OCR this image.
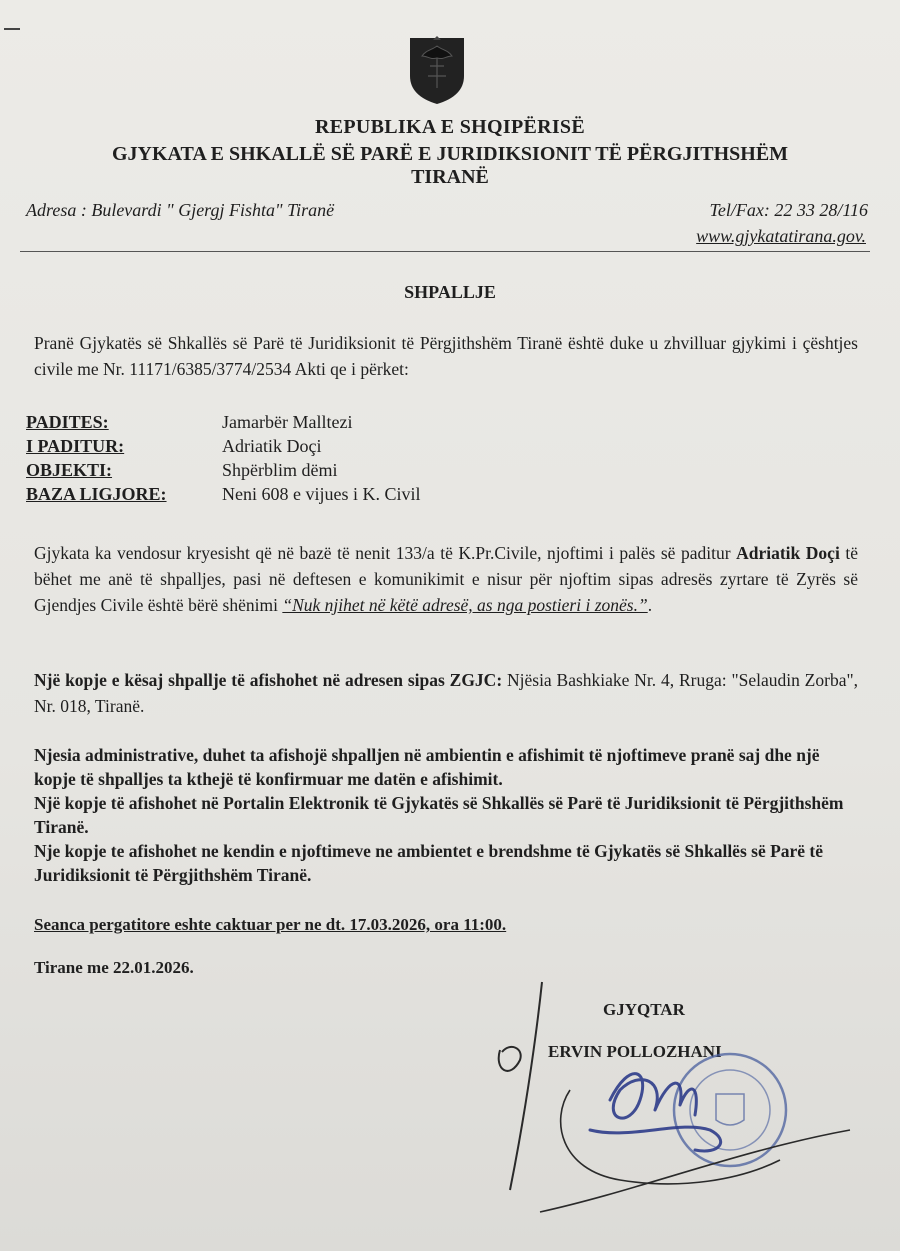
REPUBLIKA E SHQIPËRISË
GJYKATA E SHKALLË SË PARË E JURIDIKSIONIT TË PËRGJITHSHËM
TIRANË
Adresa : Bulevardi " Gjergj Fishta" Tiranë	Tel/Fax: 22 33 28/116
www.gjykatatirana.gov.
SHPALLJE
Pranë Gjykatës së Shkallës së Parë të Juridiksionit të Përgjithshëm Tiranë është duke u zhvilluar gjykimi i çështjes civile me Nr. 11171/6385/3774/2534 Akti qe i përket:
PADITES:	Jamarbër Malltezi
I PADITUR:	Adriatik Doçi
OBJEKTI:	Shpërblim dëmi
BAZA LIGJORE:	Neni 608 e vijues i K. Civil
Gjykata ka vendosur kryesisht që në bazë të nenit 133/a të K.Pr.Civile, njoftimi i palës së paditur Adriatik Doçi të bëhet me anë të shpalljes, pasi në deftesen e komunikimit e nisur për njoftim sipas adresës zyrtare të Zyrës së Gjendjes Civile është bërë shënimi “Nuk njihet në këtë adresë, as nga postieri i zonës.”.
Një kopje e kësaj shpallje të afishohet në adresen sipas ZGJC: Njësia Bashkiake Nr. 4, Rruga: "Selaudin Zorba", Nr. 018, Tiranë.
Njesia administrative, duhet ta afishojë shpalljen në ambientin e afishimit të njoftimeve pranë saj dhe një kopje të shpalljes ta kthejë të konfirmuar me datën e afishimit.
Një kopje të afishohet në Portalin Elektronik të Gjykatës së Shkallës së Parë të Juridiksionit të Përgjithshëm Tiranë.
Nje kopje te afishohet ne kendin e njoftimeve ne ambientet e brendshme të Gjykatës së Shkallës së Parë të Juridiksionit të Përgjithshëm Tiranë.
Seanca pergatitore eshte caktuar per ne dt. 17.03.2026, ora 11:00.
Tirane me 22.01.2026.
GJYQTAR
ERVIN POLLOZHANI
